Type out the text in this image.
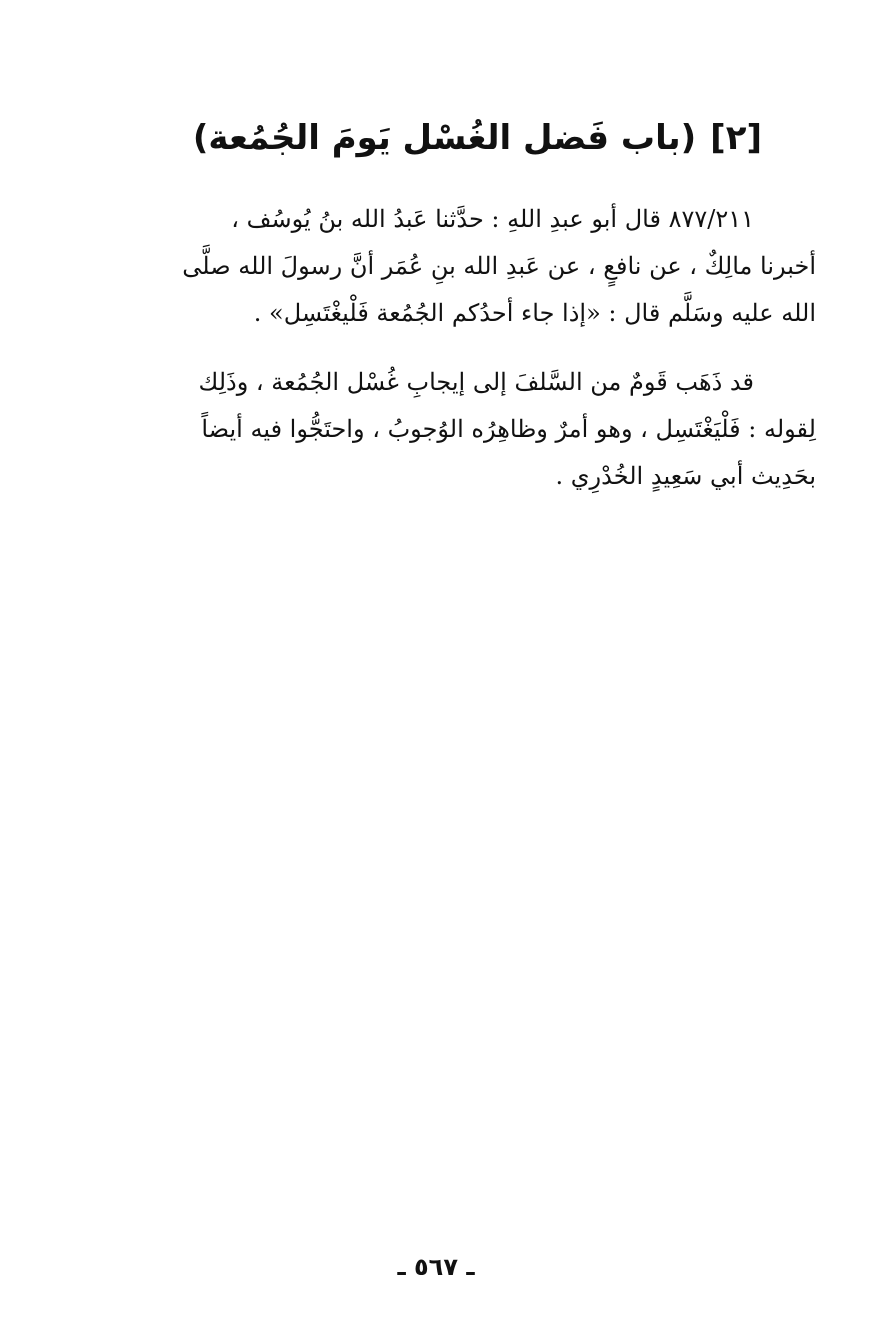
[٢](باب فَضل الغُسْل يَومَ الجُمُعة)
٨٧٧/٢١١ قال أبو عبدِ اللهِ : حدَّثنا عَبدُ الله بنُ يُوسُف ،
أخبرنا مالِكٌ ، عن نافعٍ ، عن عَبدِ الله بنِ عُمَر أنَّ رسولَ الله صلَّى
الله عليه وسَلَّم قال : «إذا جاء أحدُكم الجُمُعة فَلْيغْتَسِل» .
قد ذَهَب قَومٌ من السَّلفَ إلى إيجابِ غُسْل الجُمُعة ، وذَلِك
لِقوله : فَلْيَغْتَسِل ، وهو أمرٌ وظاهِرُه الوُجوبُ ، واحتَجُّوا فيه أيضاً
بحَدِيث أبي سَعِيدٍ الخُدْرِي .
ـ ٥٦٧ ـ
